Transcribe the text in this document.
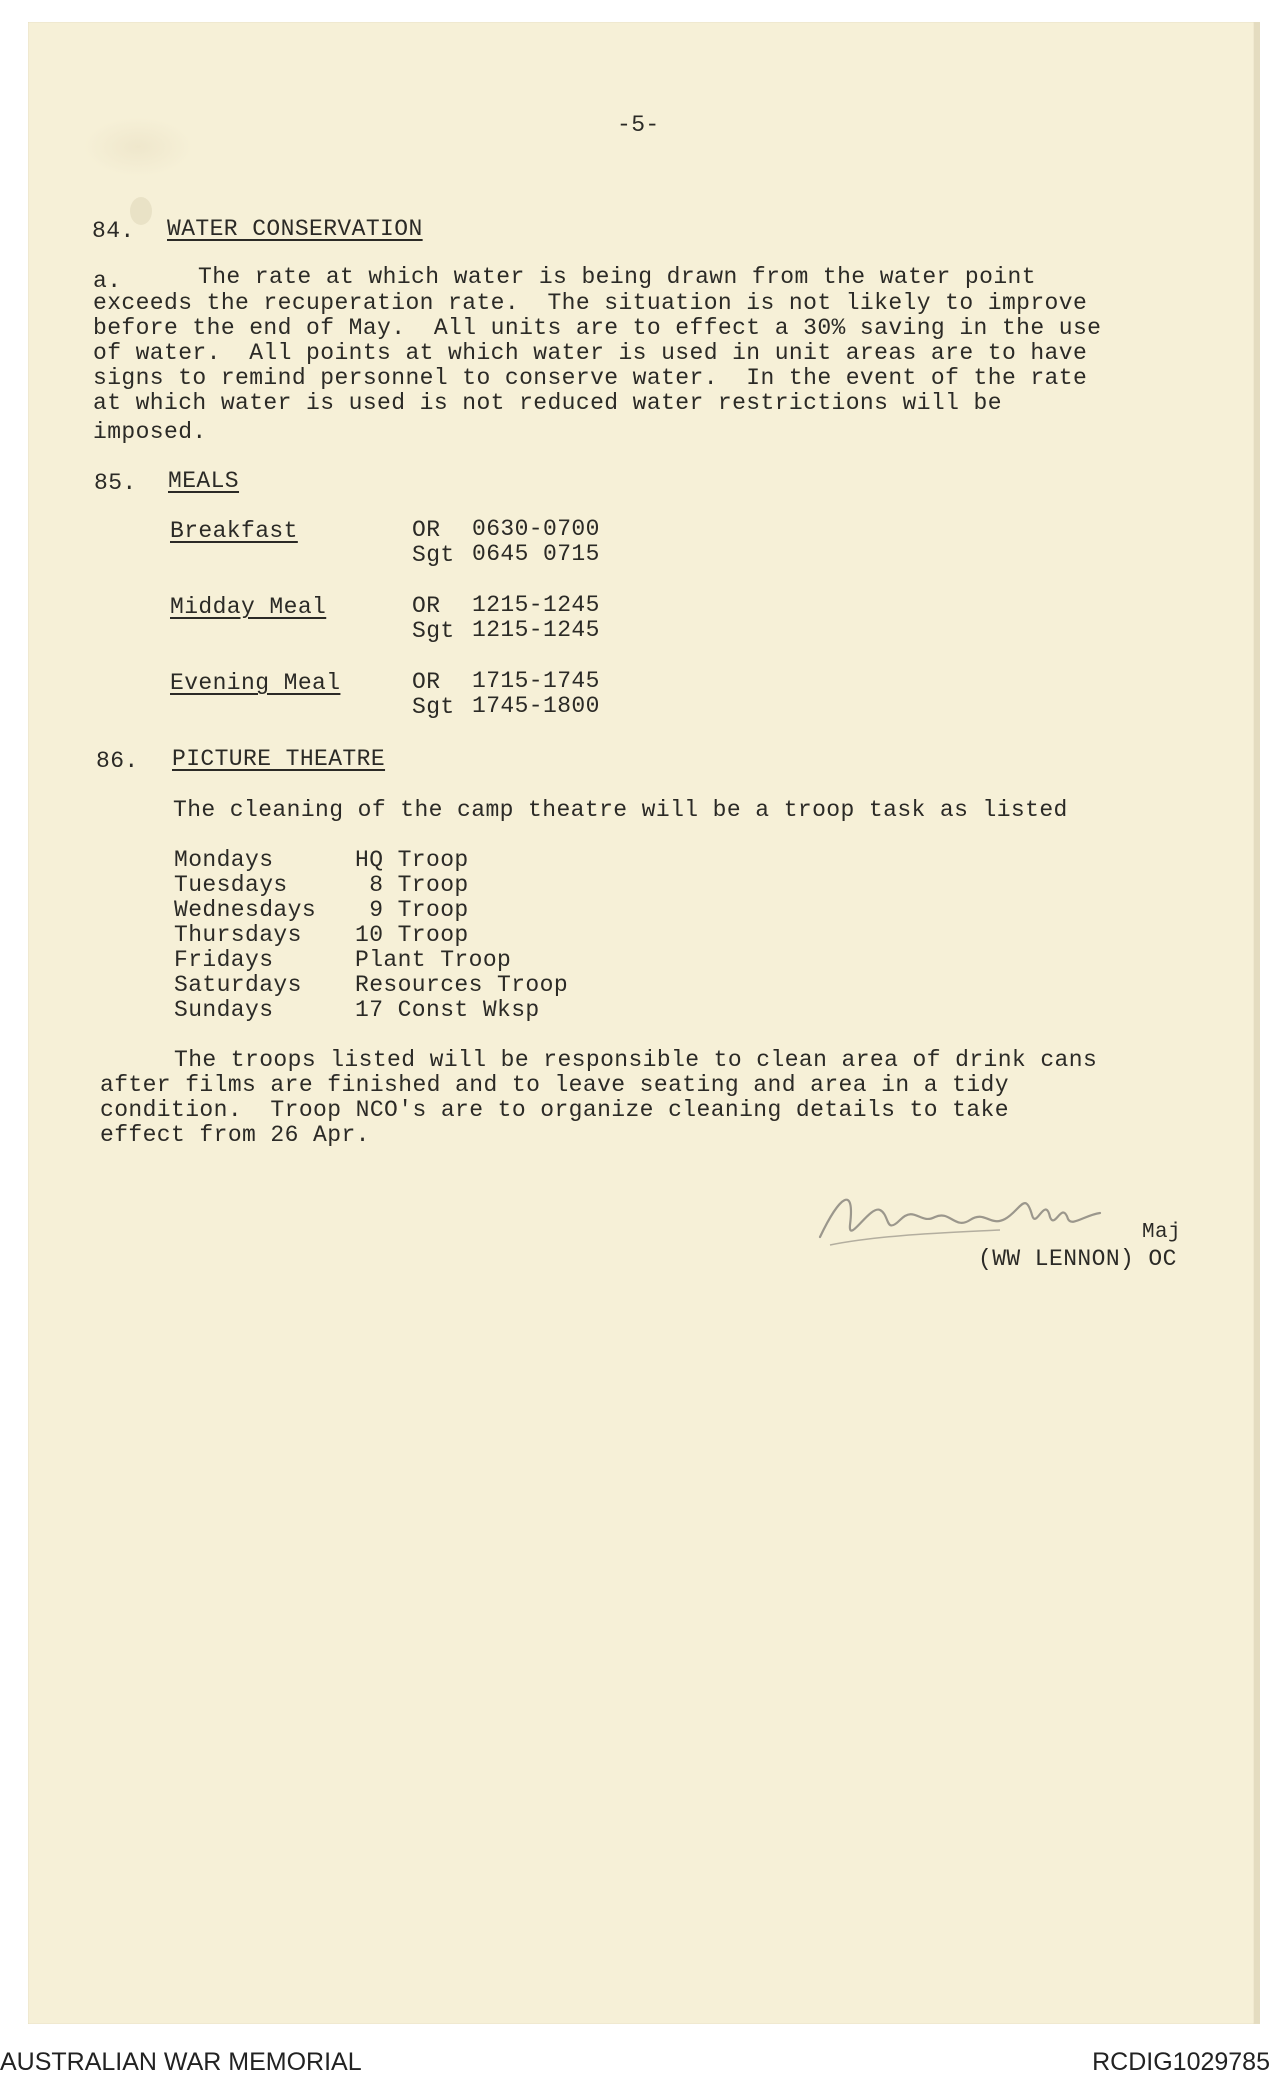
-5-
84. WATER CONSERVATION
a.	The rate at which water is being drawn from the water point
exceeds the recuperation rate.  The situation is not likely to improve
before the end of May.  All units are to effect a 30% saving in the use
of water.  All points at which water is used in unit areas are to have
signs to remind personnel to conserve water.  In the event of the rate
at which water is used is not reduced water restrictions will be
imposed.
85. MEALS
Breakfast	OR 0630-0700
Sgt 0645 0715
Midday Meal	OR 1215-1245
Sgt 1215-1245
Evening Meal	OR 1715-1745
Sgt 1745-1800
86. PICTURE THEATRE
The cleaning of the camp theatre will be a troop task as listed
Mondays	HQ Troop
Tuesdays	8 Troop
Wednesdays 9 Troop
Thursdays 10 Troop
Fridays	Plant Troop
Saturdays Resources Troop
Sundays	17 Const Wksp
The troops listed will be responsible to clean area of drink cans
after films are finished and to leave seating and area in a tidy
condition.  Troop NCO's are to organize cleaning details to take
effect from 26 Apr.
Maj
(WW LENNON) OC
AUSTRALIAN WAR MEMORIAL	RCDIG1029785
